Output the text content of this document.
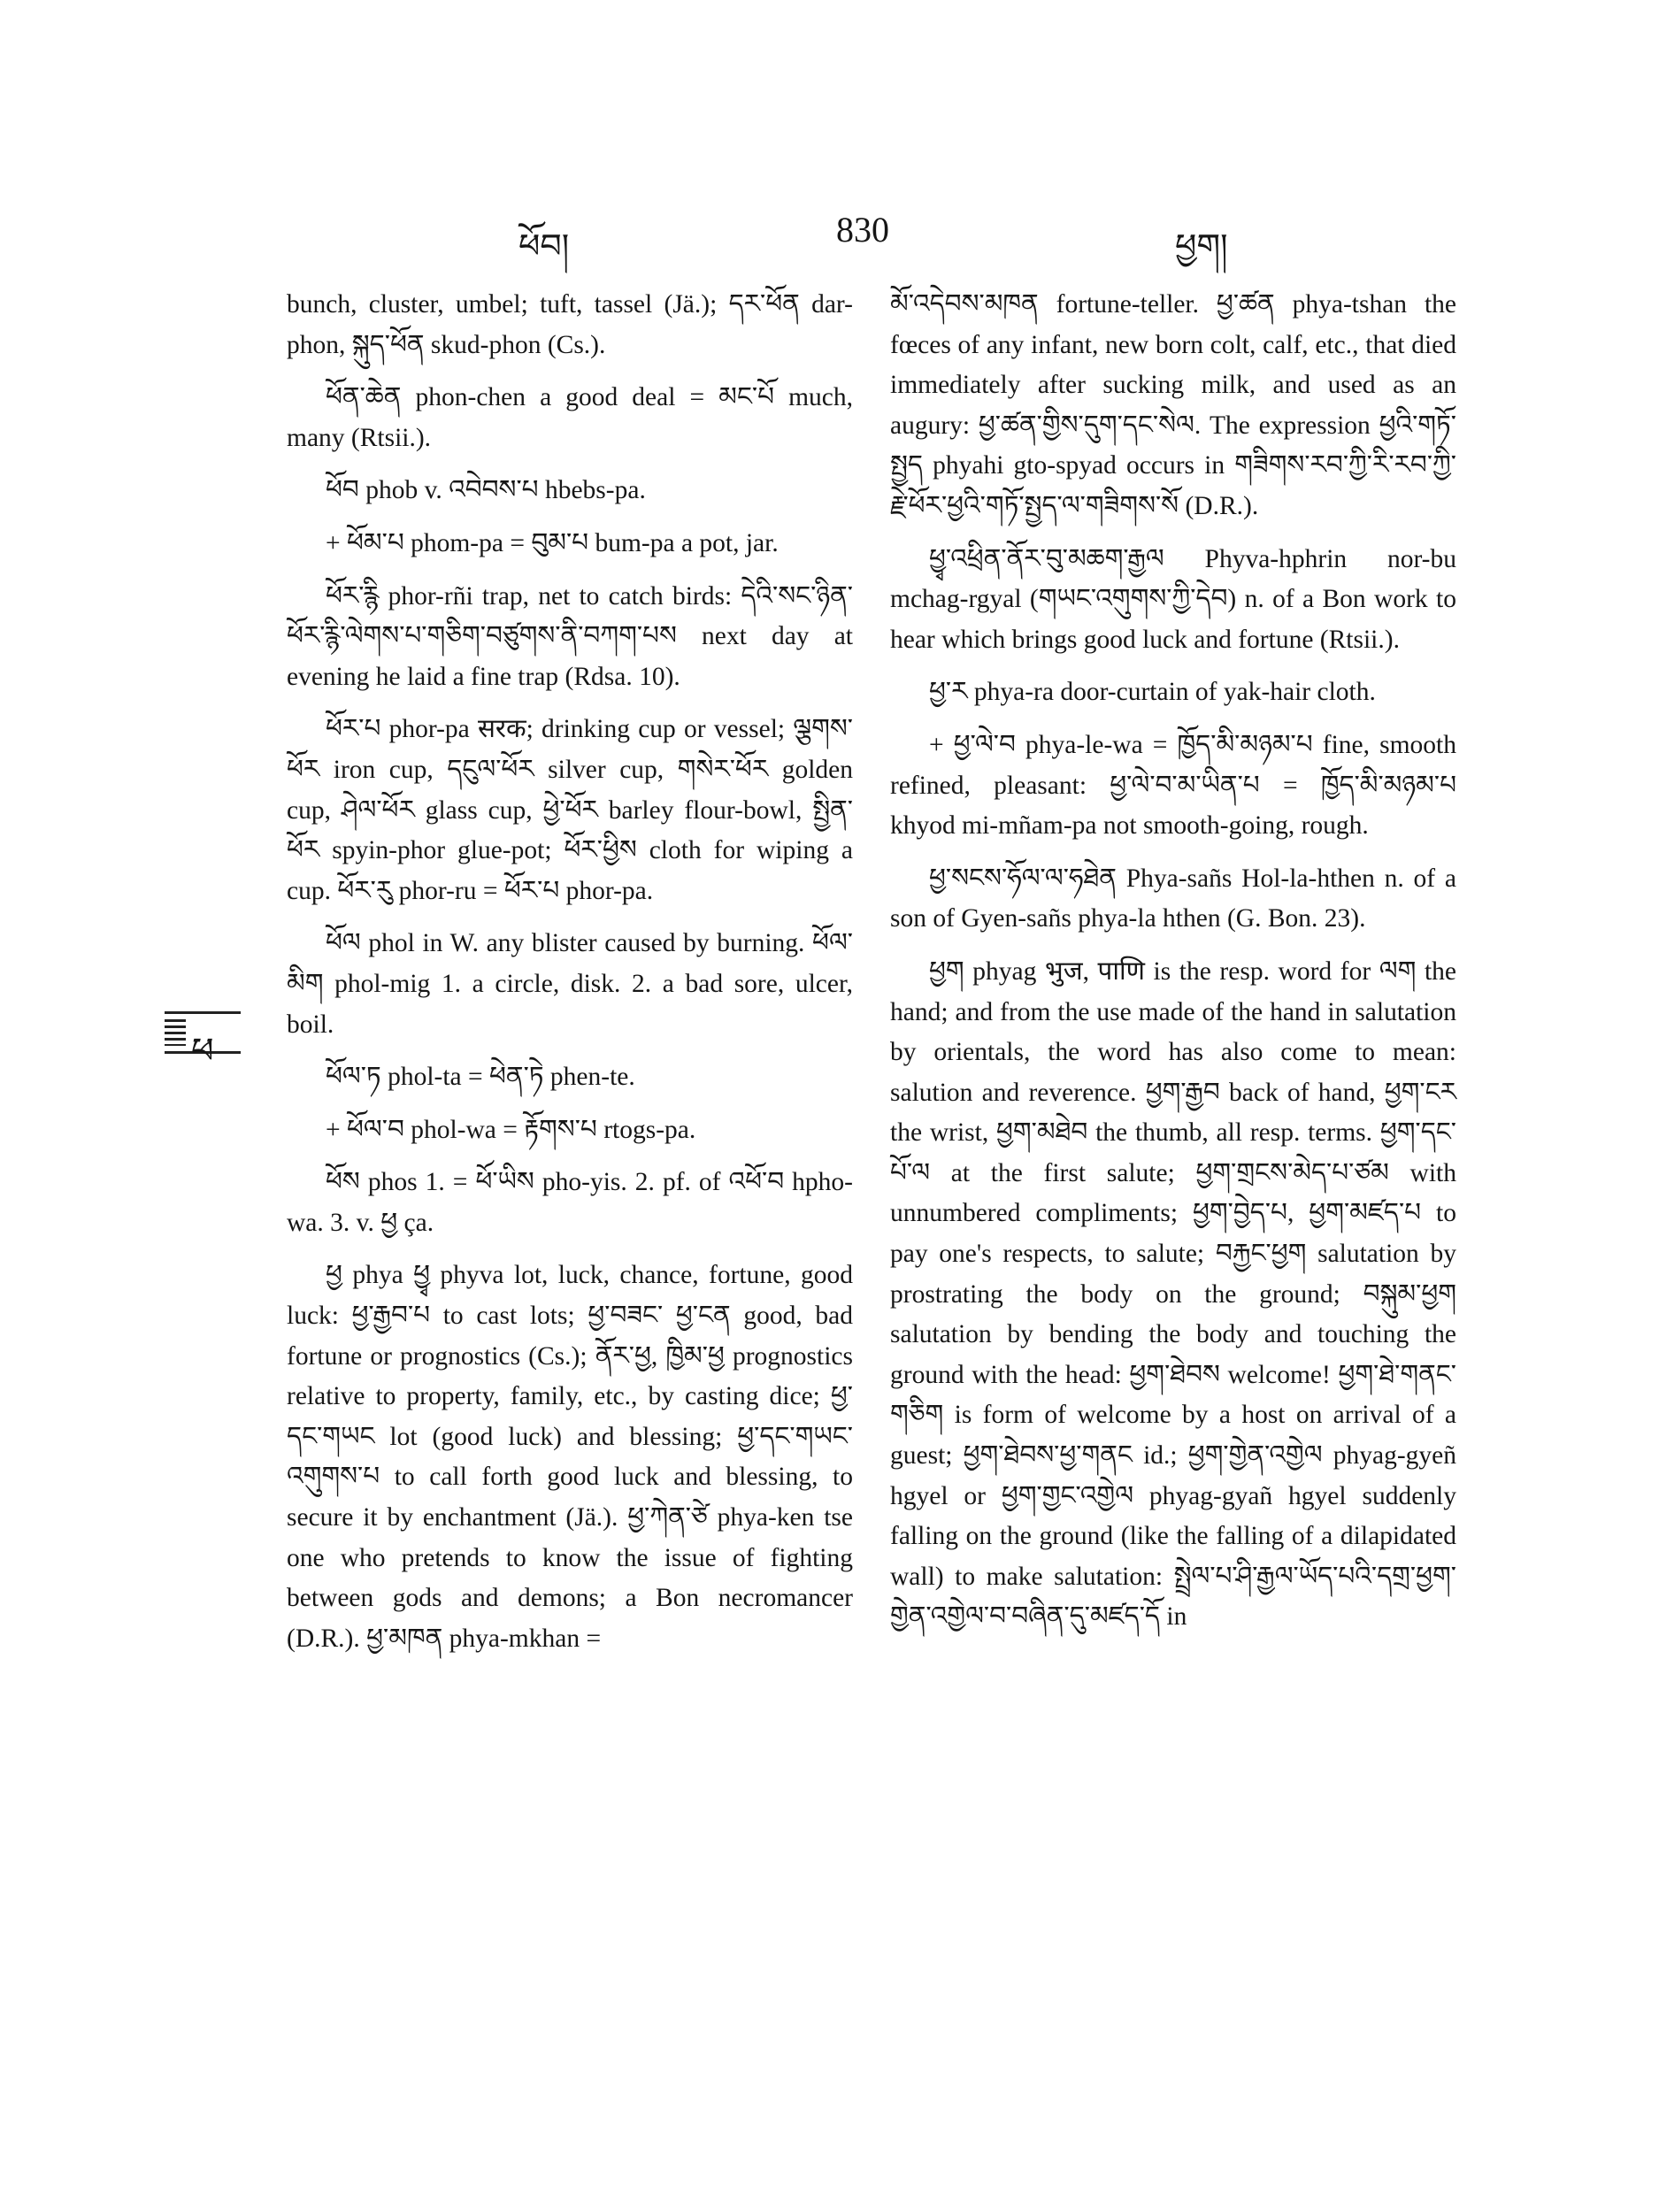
ཕོབ།	830	ཕྱག།
ཕ

bunch, cluster, umbel; tuft, tassel (Jä.); དར་ཕོན dar-phon, སྐུད་ཕོན skud-phon (Cs.).

ཕོན་ཆེན phon-chen a good deal = མང་པོ much, many (Rtsii.).

ཕོབ phob v. འབེབས་པ hbebs-pa.

+ ཕོམ་པ phom-pa = བུམ་པ bum-pa a pot, jar.

ཕོར་རྙི phor-rñi trap, net to catch birds: དེའི་སང་ཉིན་ཕོར་རྙི་ལེགས་པ་གཅིག་བཙུགས་ནི་བཀག་པས next day at evening he laid a fine trap (Rdsa. 10).

ཕོར་པ phor-pa सरक; drinking cup or vessel; ལྕགས་ཕོར iron cup, དངུལ་ཕོར silver cup, གསེར་ཕོར golden cup, ཤེལ་ཕོར glass cup, ཕྱེ་ཕོར barley flour-bowl, སྤྱིན་ཕོར spyin-phor glue-pot; ཕོར་ཕྱིས cloth for wiping a cup. ཕོར་རུ phor-ru = ཕོར་པ phor-pa.

ཕོལ phol in W. any blister caused by burning. ཕོལ་མིག phol-mig 1. a circle, disk. 2. a bad sore, ulcer, boil.

ཕོལ་ཏ phol-ta = ཕེན་ཏེ phen-te.

+ ཕོལ་བ phol-wa = རྟོགས་པ rtogs-pa.

ཕོས phos 1. = ཕོ་ཡིས pho-yis. 2. pf. of འཕོ་བ hpho-wa. 3. v. ཕྱ ça.

ཕྱ phya ཕྱྭ phyva lot, luck, chance, fortune, good luck: ཕྱ་རྒྱབ་པ to cast lots; ཕྱ་བཟང་ ཕྱ་ངན good, bad fortune or prognostics (Cs.); ནོར་ཕྱ, ཁྱིམ་ཕྱ prognostics relative to property, family, etc., by casting dice; ཕྱ་དང་གཡང lot (good luck) and blessing; ཕྱ་དང་གཡང་འགུགས་པ to call forth good luck and blessing, to secure it by enchantment (Jä.). ཕྱ་ཀེན་ཙེ phya-ken tse one who pretends to know the issue of fighting between gods and demons; a Bon necromancer (D.R.). ཕྱ་མཁན phya-mkhan =

མོ་འདེབས་མཁན fortune-teller. ཕྱ་ཚན phya-tshan the fœces of any infant, new born colt, calf, etc., that died immediately after sucking milk, and used as an augury: ཕྱ་ཚན་གྱིས་དུག་དང་སེལ. The expression ཕྱའི་གཏོ་སྤྱད phyahi gto-spyad occurs in གཟིགས་རབ་ཀྱི་རི་རབ་ཀྱི་རྗེ་ཕོར་ཕྱའི་གཏོ་སྤྱད་ལ་གཟིགས་སོ (D.R.).

ཕྱྭ་འཕྲིན་ནོར་བུ་མཆག་རྒྱལ Phyva-hphrin nor-bu mchag-rgyal (གཡང་འགུགས་ཀྱི་དེབ) n. of a Bon work to hear which brings good luck and fortune (Rtsii.).

ཕྱ་ར phya-ra door-curtain of yak-hair cloth.

+ ཕྱ་ལེ་བ phya-le-wa = ཁྱོད་མི་མཉམ་པ fine, smooth refined, pleasant: ཕྱ་ལེ་བ་མ་ཡིན་པ = ཁྱོད་མི་མཉམ་པ khyod mi-mñam-pa not smooth-going, rough.

ཕྱ་སངས་ཧོལ་ལ་ཧཐེན Phya-sañs Hol-la-hthen n. of a son of Gyen-sañs phya-la hthen (G. Bon. 23).

ཕྱག phyag भुज, पाणि is the resp. word for ལག the hand; and from the use made of the hand in salutation by orientals, the word has also come to mean: salution and reverence. ཕྱག་རྒྱབ back of hand, ཕྱག་ངར the wrist, ཕྱག་མཐེབ the thumb, all resp. terms. ཕྱག་དང་པོ་ལ at the first salute; ཕྱག་གྲངས་མེད་པ་ཙམ with unnumbered compliments; ཕྱག་བྱེད་པ, ཕྱག་མཛད་པ to pay one's respects, to salute; བརྐྱང་ཕྱག salutation by prostrating the body on the ground; བསྐུམ་ཕྱག salutation by bending the body and touching the ground with the head: ཕྱག་ཐེབས welcome! ཕྱག་ཐེ་གནང་གཅིག is form of welcome by a host on arrival of a guest; ཕྱག་ཐེབས་ཕྱ་གནང id.; ཕྱག་གྱེན་འགྱེལ phyag-gyeñ hgyel or ཕྱག་གྱང་འགྱེལ phyag-gyañ hgyel suddenly falling on the ground (like the falling of a dilapidated wall) to make salutation: སྤྲེལ་པ་ཤི་རྒྱལ་ཡོད་པའི་དགྲ་ཕྱག་གྱེན་འགྱེལ་བ་བཞིན་དུ་མཛད་དོ in
